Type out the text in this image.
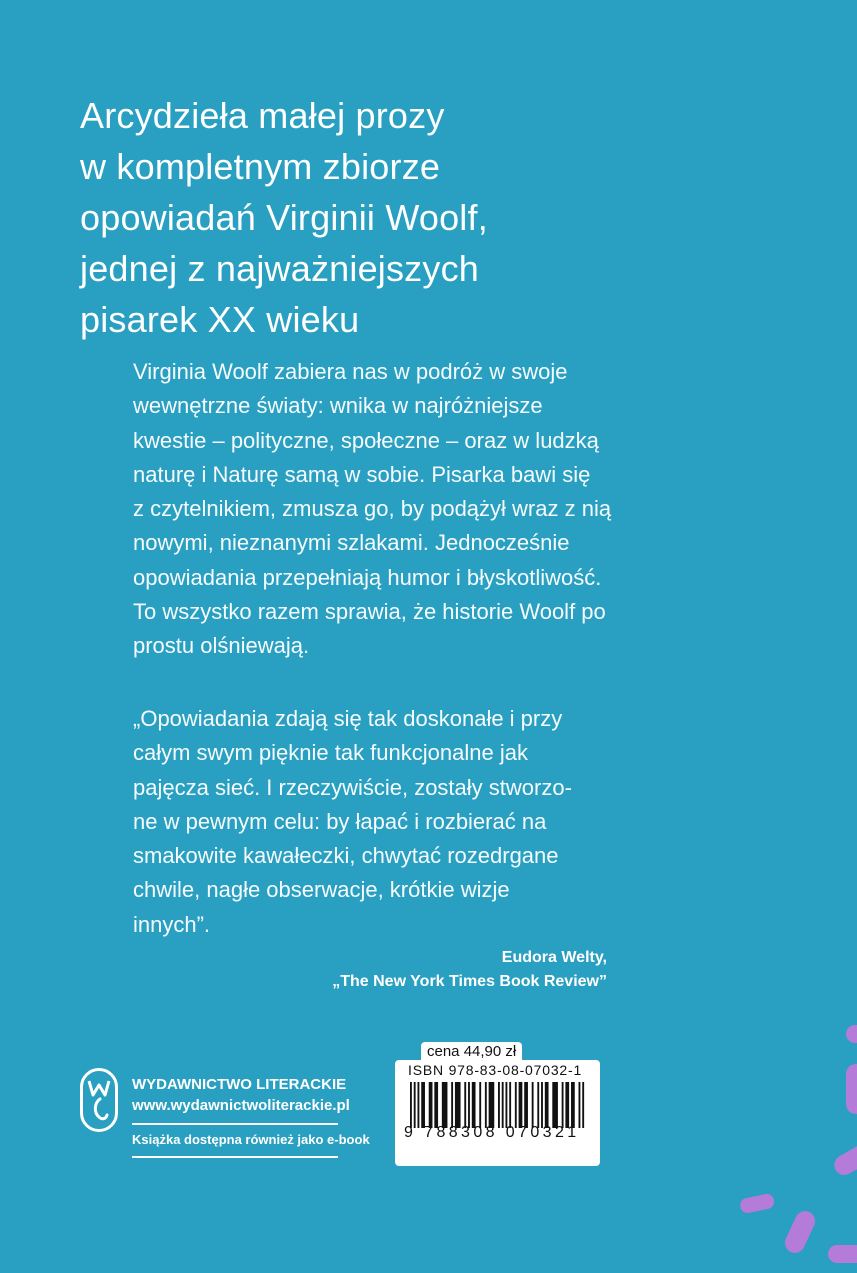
Arcydzieła małej prozy
w kompletnym zbiorze
opowiadań Virginii Woolf,
jednej z najważniejszych
pisarek XX wieku
Virginia Woolf zabiera nas w podróż w swoje
wewnętrzne światy: wnika w najróżniejsze
kwestie – polityczne, społeczne – oraz w ludzką
naturę i Naturę samą w sobie. Pisarka bawi się
z czytelnikiem, zmusza go, by podążył wraz z nią
nowymi, nieznanymi szlakami. Jednocześnie
opowiadania przepełniają humor i błyskotliwość.
To wszystko razem sprawia, że historie Woolf po
prostu olśniewają.
„Opowiadania zdają się tak doskonałe i przy
całym swym pięknie tak funkcjonalne jak
pajęcza sieć. I rzeczywiście, zostały stworzo-
ne w pewnym celu: by łapać i rozbierać na
smakowite kawałeczki, chwytać rozedrgane
chwile, nagłe obserwacje, krótkie wizje
innych”.
Eudora Welty,
„The New York Times Book Review”
WYDAWNICTWO LITERACKIE
www.wydawnictwoliterackie.pl
Książka dostępna również jako e-book
cena 44,90 zł
ISBN 978-83-08-07032-1
9 788308 070321
